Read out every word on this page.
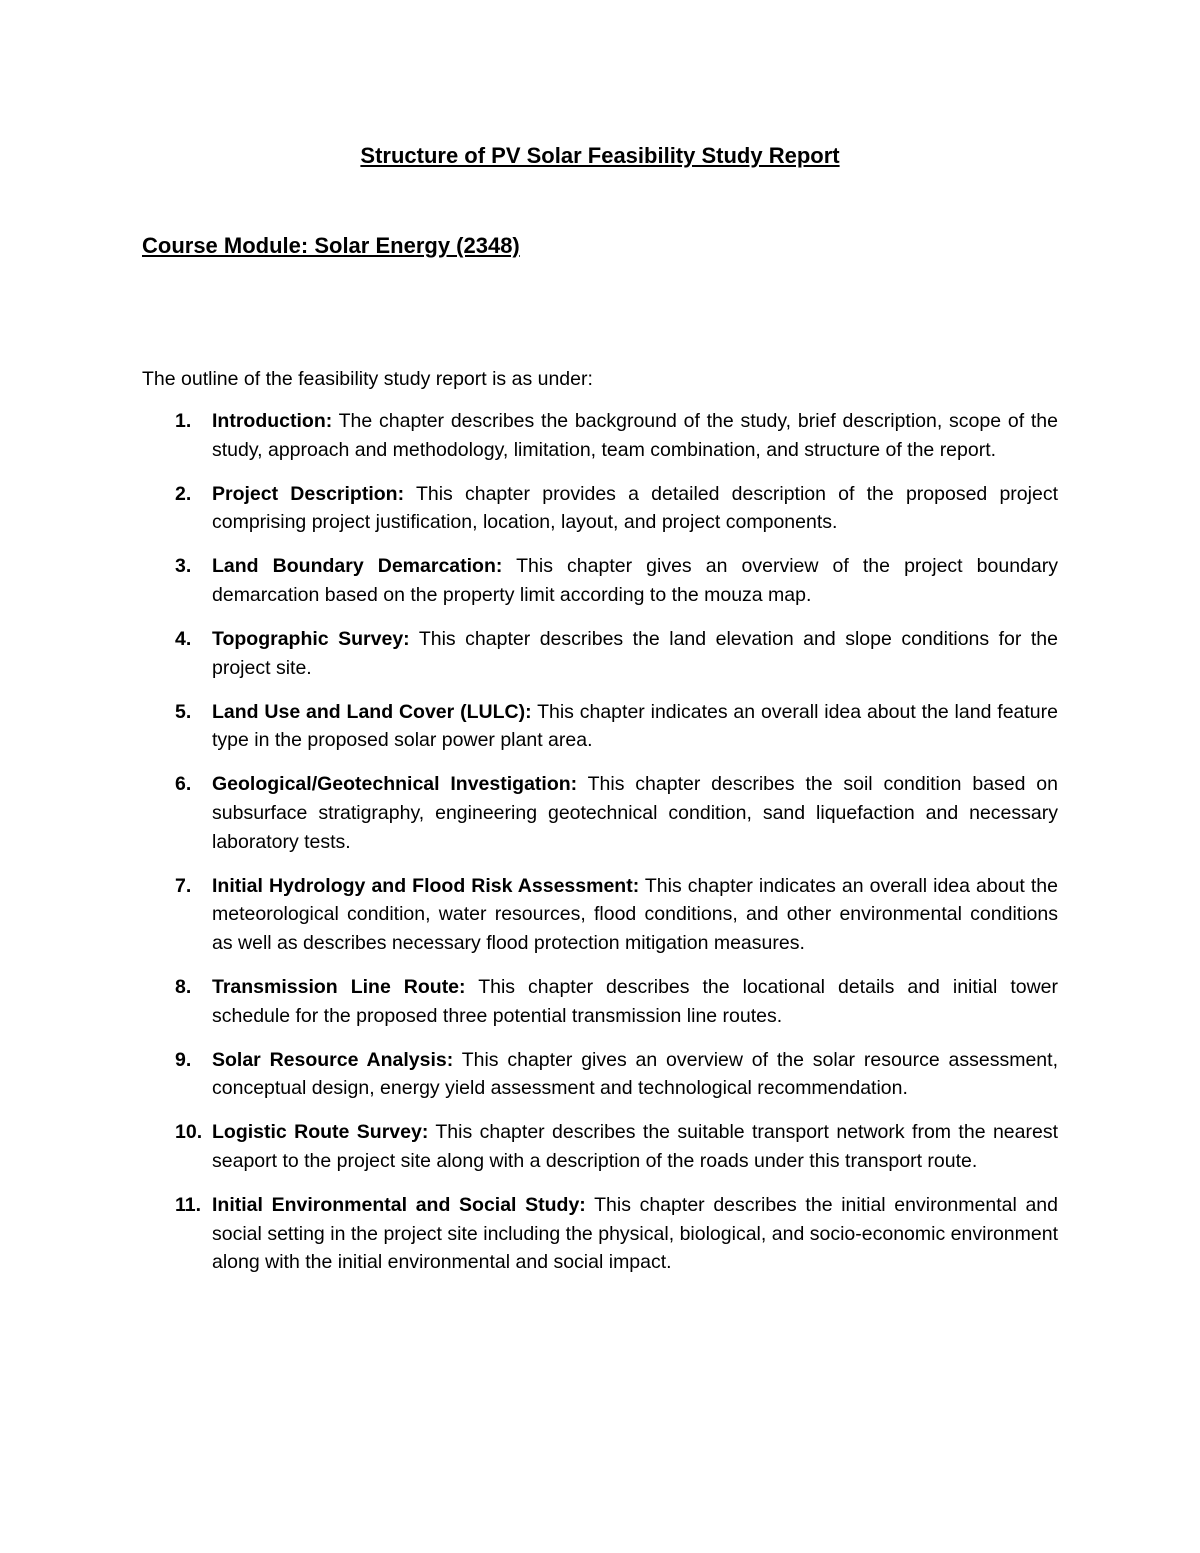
Structure of PV Solar Feasibility Study Report
Course Module: Solar Energy (2348)

The outline of the feasibility study report is as under:

1. Introduction: The chapter describes the background of the study, brief description, scope of the study, approach and methodology, limitation, team combination, and structure of the report.
2. Project Description: This chapter provides a detailed description of the proposed project comprising project justification, location, layout, and project components.
3. Land Boundary Demarcation: This chapter gives an overview of the project boundary demarcation based on the property limit according to the mouza map.
4. Topographic Survey: This chapter describes the land elevation and slope conditions for the project site.
5. Land Use and Land Cover (LULC): This chapter indicates an overall idea about the land feature type in the proposed solar power plant area.
6. Geological/Geotechnical Investigation: This chapter describes the soil condition based on subsurface stratigraphy, engineering geotechnical condition, sand liquefaction and necessary laboratory tests.
7. Initial Hydrology and Flood Risk Assessment: This chapter indicates an overall idea about the meteorological condition, water resources, flood conditions, and other environmental conditions as well as describes necessary flood protection mitigation measures.
8. Transmission Line Route: This chapter describes the locational details and initial tower schedule for the proposed three potential transmission line routes.
9. Solar Resource Analysis: This chapter gives an overview of the solar resource assessment, conceptual design, energy yield assessment and technological recommendation.
10. Logistic Route Survey: This chapter describes the suitable transport network from the nearest seaport to the project site along with a description of the roads under this transport route.
11. Initial Environmental and Social Study: This chapter describes the initial environmental and social setting in the project site including the physical, biological, and socio-economic environment along with the initial environmental and social impact.
